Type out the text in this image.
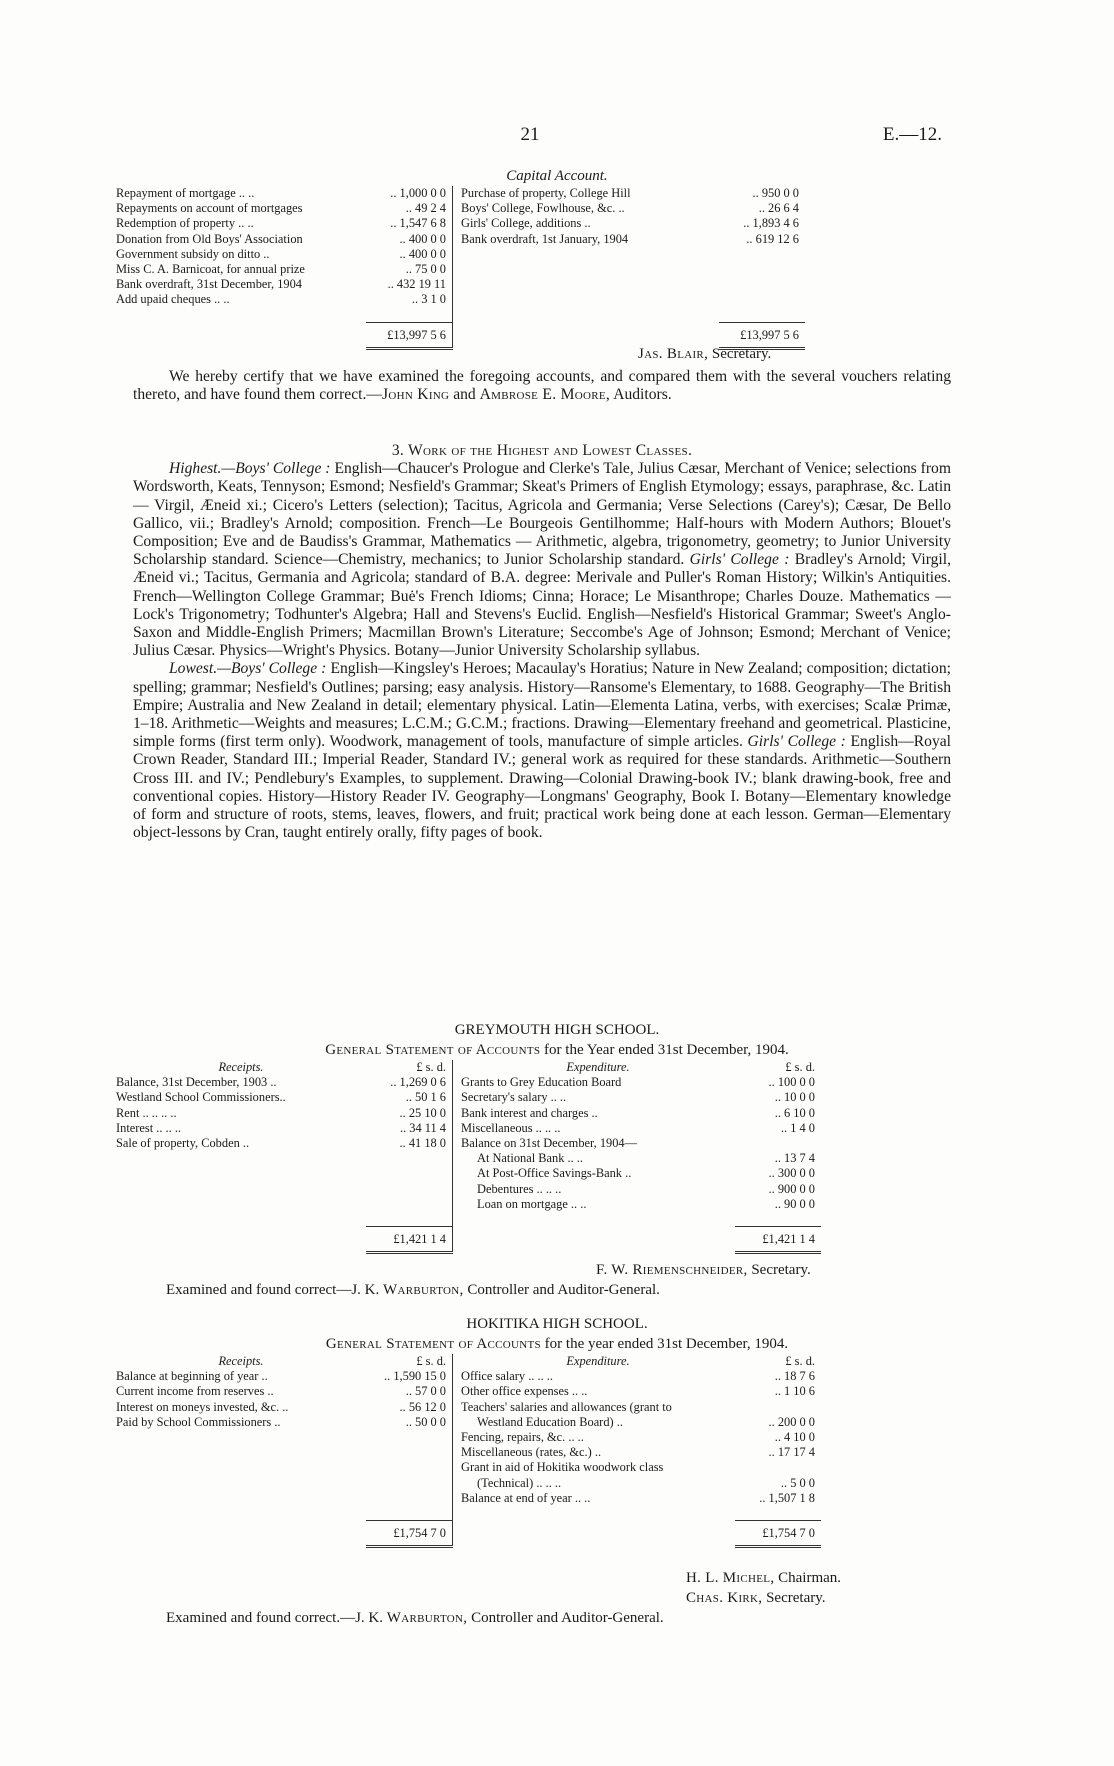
21	E.—12.
Capital Account.
Repayment of mortgage .. ..	.. 1,000 0 0		Purchase of property, College Hill	.. 950 0 0
Repayments on account of mortgages	.. 49 2 4		Boys' College, Fowlhouse, &c. ..	.. 26 6 4
Redemption of property .. ..	.. 1,547 6 8		Girls' College, additions ..	.. 1,893 4 6
Donation from Old Boys' Association	.. 400 0 0		Bank overdraft, 1st January, 1904	.. 619 12 6
Government subsidy on ditto ..	.. 400 0 0			
Miss C. A. Barnicoat, for annual prize	.. 75 0 0			
Bank overdraft, 31st December, 1904	.. 432 19 11			
Add upaid cheques .. ..	.. 3 1 0			

	£13,997 5 6			£13,997 5 6
Jas. Blair, Secretary.

We hereby certify that we have examined the foregoing accounts, and compared them with the several vouchers relating thereto, and have found them correct.—John King and Ambrose E. Moore, Auditors.

3. Work of the Highest and Lowest Classes.

Highest.—Boys' College : English—Chaucer's Prologue and Clerke's Tale, Julius Cæsar, Merchant of Venice; selections from Wordsworth, Keats, Tennyson; Esmond; Nesfield's Grammar; Skeat's Primers of English Etymology; essays, paraphrase, &c. Latin — Virgil, Æneid xi.; Cicero's Letters (selection); Tacitus, Agricola and Germania; Verse Selections (Carey's); Cæsar, De Bello Gallico, vii.; Bradley's Arnold; composition. French—Le Bourgeois Gentilhomme; Half-hours with Modern Authors; Blouet's Composition; Eve and de Baudiss's Grammar, Mathematics — Arithmetic, algebra, trigonometry, geometry; to Junior University Scholarship standard. Science—Chemistry, mechanics; to Junior Scholarship standard. Girls' College : Bradley's Arnold; Virgil, Æneid vi.; Tacitus, Germania and Agricola; standard of B.A. degree: Merivale and Puller's Roman History; Wilkin's Antiquities. French—Wellington College Grammar; Buė's French Idioms; Cinna; Horace; Le Misanthrope; Charles Douze. Mathematics —Lock's Trigonometry; Todhunter's Algebra; Hall and Stevens's Euclid. English—Nesfield's Historical Grammar; Sweet's Anglo-Saxon and Middle-English Primers; Macmillan Brown's Literature; Seccombe's Age of Johnson; Esmond; Merchant of Venice; Julius Cæsar. Physics—Wright's Physics. Botany—Junior University Scholarship syllabus.

Lowest.—Boys' College : English—Kingsley's Heroes; Macaulay's Horatius; Nature in New Zealand; composition; dictation; spelling; grammar; Nesfield's Outlines; parsing; easy analysis. History—Ransome's Elementary, to 1688. Geography—The British Empire; Australia and New Zealand in detail; elementary physical. Latin—Elementa Latina, verbs, with exercises; Scalæ Primæ, 1–18. Arithmetic—Weights and measures; L.C.M.; G.C.M.; fractions. Drawing—Elementary freehand and geometrical. Plasticine, simple forms (first term only). Woodwork, management of tools, manufacture of simple articles. Girls' College : English—Royal Crown Reader, Standard III.; Imperial Reader, Standard IV.; general work as required for these standards. Arithmetic—Southern Cross III. and IV.; Pendlebury's Examples, to supplement. Drawing—Colonial Drawing-book IV.; blank drawing-book, free and conventional copies. History—History Reader IV. Geography—Longmans' Geography, Book I. Botany—Elementary knowledge of form and structure of roots, stems, leaves, flowers, and fruit; practical work being done at each lesson. German—Elementary object-lessons by Cran, taught entirely orally, fifty pages of book.

GREYMOUTH HIGH SCHOOL.
General Statement of Accounts for the Year ended 31st December, 1904.
Receipts.	£ s. d.		Expenditure.	£ s. d.
Balance, 31st December, 1903 ..	.. 1,269 0 6		Grants to Grey Education Board	.. 100 0 0
Westland School Commissioners..	.. 50 1 6		Secretary's salary .. ..	.. 10 0 0
Rent .. .. .. ..	.. 25 10 0		Bank interest and charges ..	.. 6 10 0
Interest .. .. ..	.. 34 11 4		Miscellaneous .. .. ..	.. 1 4 0
Sale of property, Cobden ..	.. 41 18 0		Balance on 31st December, 1904—	
			At National Bank .. ..	.. 13 7 4
			At Post-Office Savings-Bank ..	.. 300 0 0
			Debentures .. .. ..	.. 900 0 0
			Loan on mortgage .. ..	.. 90 0 0

	£1,421 1 4			£1,421 1 4
F. W. Riemenschneider, Secretary.
Examined and found correct—J. K. Warburton, Controller and Auditor-General.
HOKITIKA HIGH SCHOOL.
General Statement of Accounts for the year ended 31st December, 1904.
Receipts.	£ s. d.		Expenditure.	£ s. d.
Balance at beginning of year ..	.. 1,590 15 0		Office salary .. .. ..	.. 18 7 6
Current income from reserves ..	.. 57 0 0		Other office expenses .. ..	.. 1 10 6
Interest on moneys invested, &c. ..	.. 56 12 0		Teachers' salaries and allowances (grant to	
Paid by School Commissioners ..	.. 50 0 0		Westland Education Board) ..	.. 200 0 0
			Fencing, repairs, &c. .. ..	.. 4 10 0
			Miscellaneous (rates, &c.) ..	.. 17 17 4
			Grant in aid of Hokitika woodwork class	
			(Technical) .. .. ..	.. 5 0 0
			Balance at end of year .. ..	.. 1,507 1 8

	£1,754 7 0			£1,754 7 0
H. L. Michel, Chairman.
Chas. Kirk, Secretary.
Examined and found correct.—J. K. Warburton, Controller and Auditor-General.
